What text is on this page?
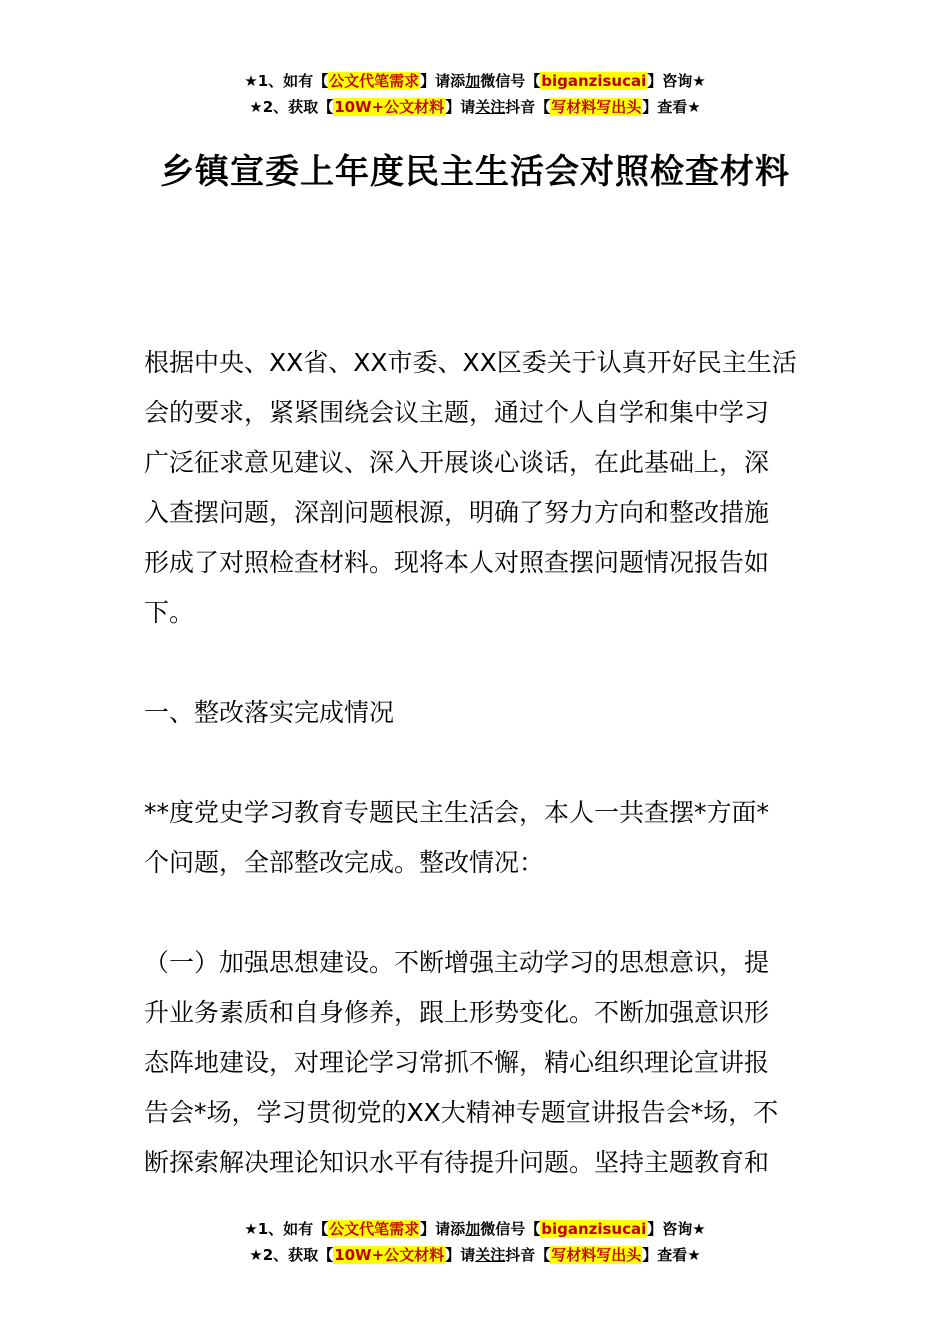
★1、如有【公文代笔需求】请添加微信号【biganzisucai】咨询★
★2、获取【10W+公文材料】请关注抖音【写材料写出头】查看★
乡镇宣委上年度民主生活会对照检查材料

根据中央、XX省、XX市委、XX区委关于认真开好民主生活
会的要求，紧紧围绕会议主题，通过个人自学和集中学习
广泛征求意见建议、深入开展谈心谈话，在此基础上，深
入查摆问题，深剖问题根源，明确了努力方向和整改措施
形成了对照检查材料。现将本人对照查摆问题情况报告如
下。

一、整改落实完成情况

**度党史学习教育专题民主生活会，本人一共查摆*方面*
个问题，全部整改完成。整改情况：

（一）加强思想建设。不断增强主动学习的思想意识，提
升业务素质和自身修养，跟上形势变化。不断加强意识形
态阵地建设，对理论学习常抓不懈，精心组织理论宣讲报
告会*场，学习贯彻党的XX大精神专题宣讲报告会*场，不
断探索解决理论知识水平有待提升问题。坚持主题教育和

★1、如有【公文代笔需求】请添加微信号【biganzisucai】咨询★
★2、获取【10W+公文材料】请关注抖音【写材料写出头】查看★
